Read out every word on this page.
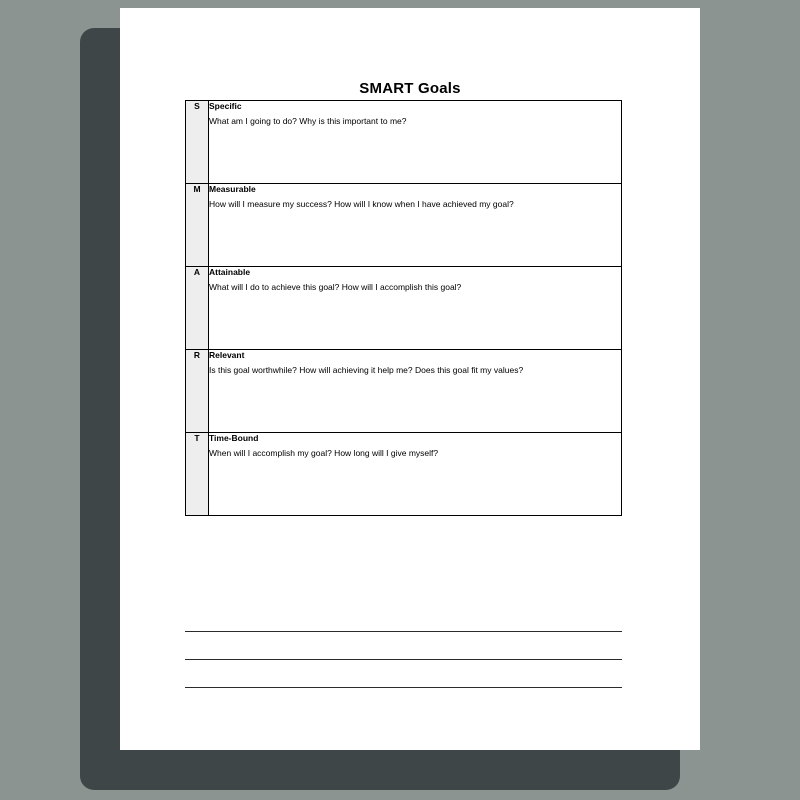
SMART Goals
S	Specific
What am I going to do? Why is this important to me?

M	Measurable
How will I measure my success? How will I know when I have achieved my goal?

A	Attainable
What will I do to achieve this goal? How will I accomplish this goal?

R	Relevant
Is this goal worthwhile? How will achieving it help me? Does this goal fit my values?

T	Time-Bound
When will I accomplish my goal? How long will I give myself?
